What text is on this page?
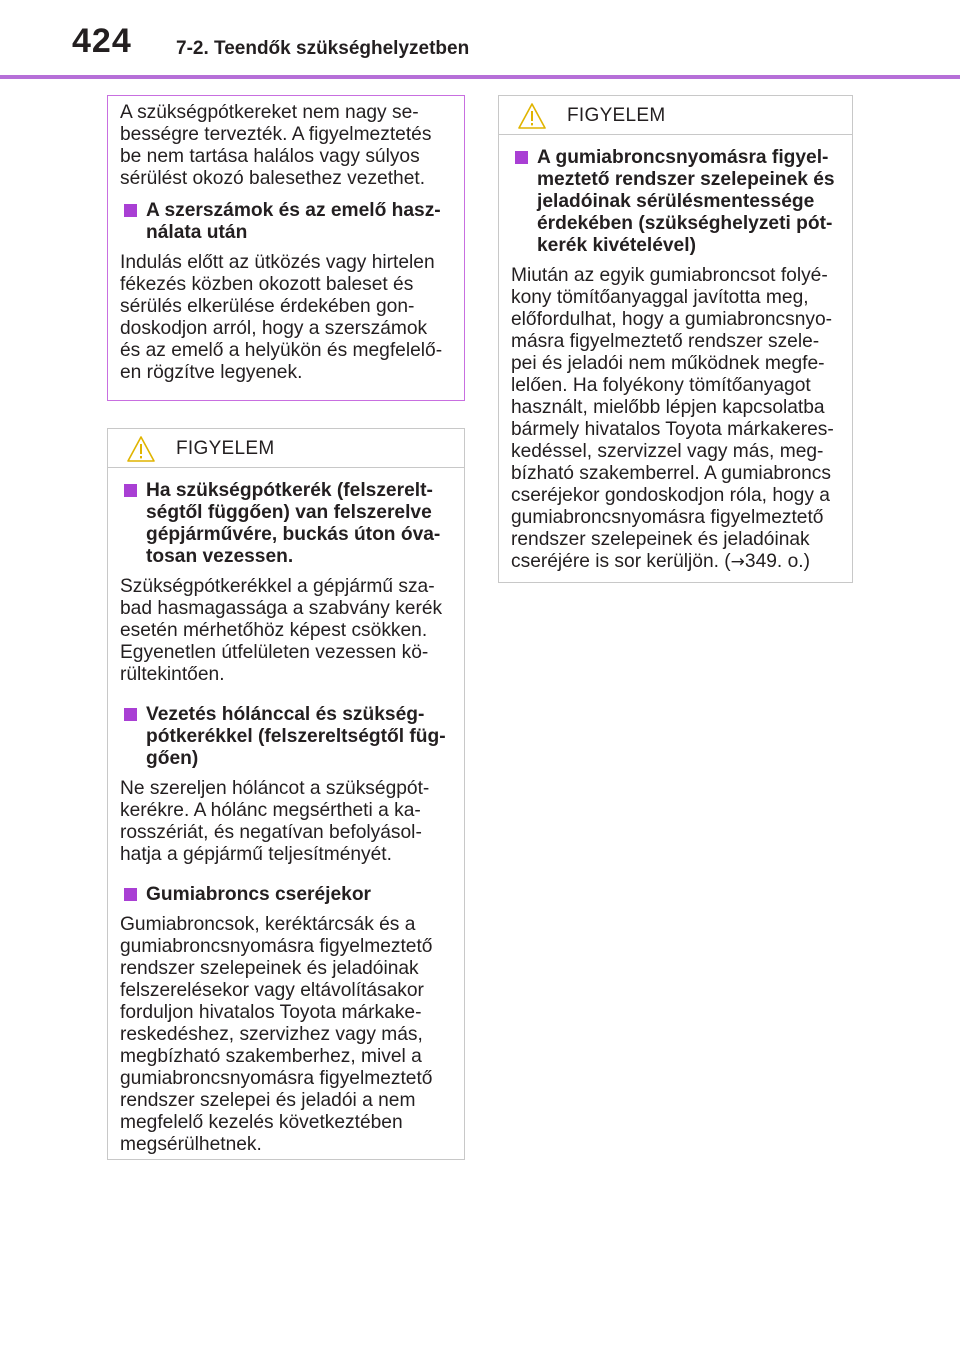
424 7-2. Teendők szükséghelyzetben

A szükségpótkereket nem nagy se-bességre tervezték. A figyelmeztetés be nem tartása halálos vagy súlyos sérülést okozó balesethez vezethet.

A szerszámok és az emelő hasz-nálata után

Indulás előtt az ütközés vagy hirtelen fékezés közben okozott baleset és sérülés elkerülése érdekében gon-doskodjon arról, hogy a szerszámok és az emelő a helyükön és megfelelő-en rögzítve legyenek.

FIGYELEM
Ha szükségpótkerék (felszerelt-ségtől függően) van felszerelve gépjárművére, buckás úton óva-tosan vezessen.

Szükségpótkerékkel a gépjármű sza-bad hasmagassága a szabvány kerék esetén mérhetőhöz képest csökken. Egyenetlen útfelületen vezessen kö-rültekintően.

Vezetés hólánccal és szükség-pótkerékkel (felszereltségtől füg-gően)

Ne szereljen hóláncot a szükségpót-kerékre. A hólánc megsértheti a ka-rosszériát, és negatívan befolyásol-hatja a gépjármű teljesítményét.

Gumiabroncs cseréjekor

Gumiabroncsok, keréktárcsák és a gumiabroncsnyomásra figyelmeztető rendszer szelepeinek és jeladóinak felszerelésekor vagy eltávolításakor forduljon hivatalos Toyota márkake-reskedéshez, szervizhez vagy más, megbízható szakemberhez, mivel a gumiabroncsnyomásra figyelmeztető rendszer szelepei és jeladói a nem megfelelő kezelés következtében megsérülhetnek.

FIGYELEM
A gumiabroncsnyomásra figyel-meztető rendszer szelepeinek és jeladóinak sérülésmentessége érdekében (szükséghelyzeti pót-kerék kivételével)

Miután az egyik gumiabroncsot folyé-kony tömítőanyaggal javította meg, előfordulhat, hogy a gumiabroncsnyo-másra figyelmeztető rendszer szele-pei és jeladói nem működnek megfe-lelően. Ha folyékony tömítőanyagot használt, mielőbb lépjen kapcsolatba bármely hivatalos Toyota márkakeres-kedéssel, szervizzel vagy más, meg-bízható szakemberrel. A gumiabroncs cseréjekor gondoskodjon róla, hogy a gumiabroncsnyomásra figyelmeztető rendszer szelepeinek és jeladóinak cseréjére is sor kerüljön. (→349. o.)
